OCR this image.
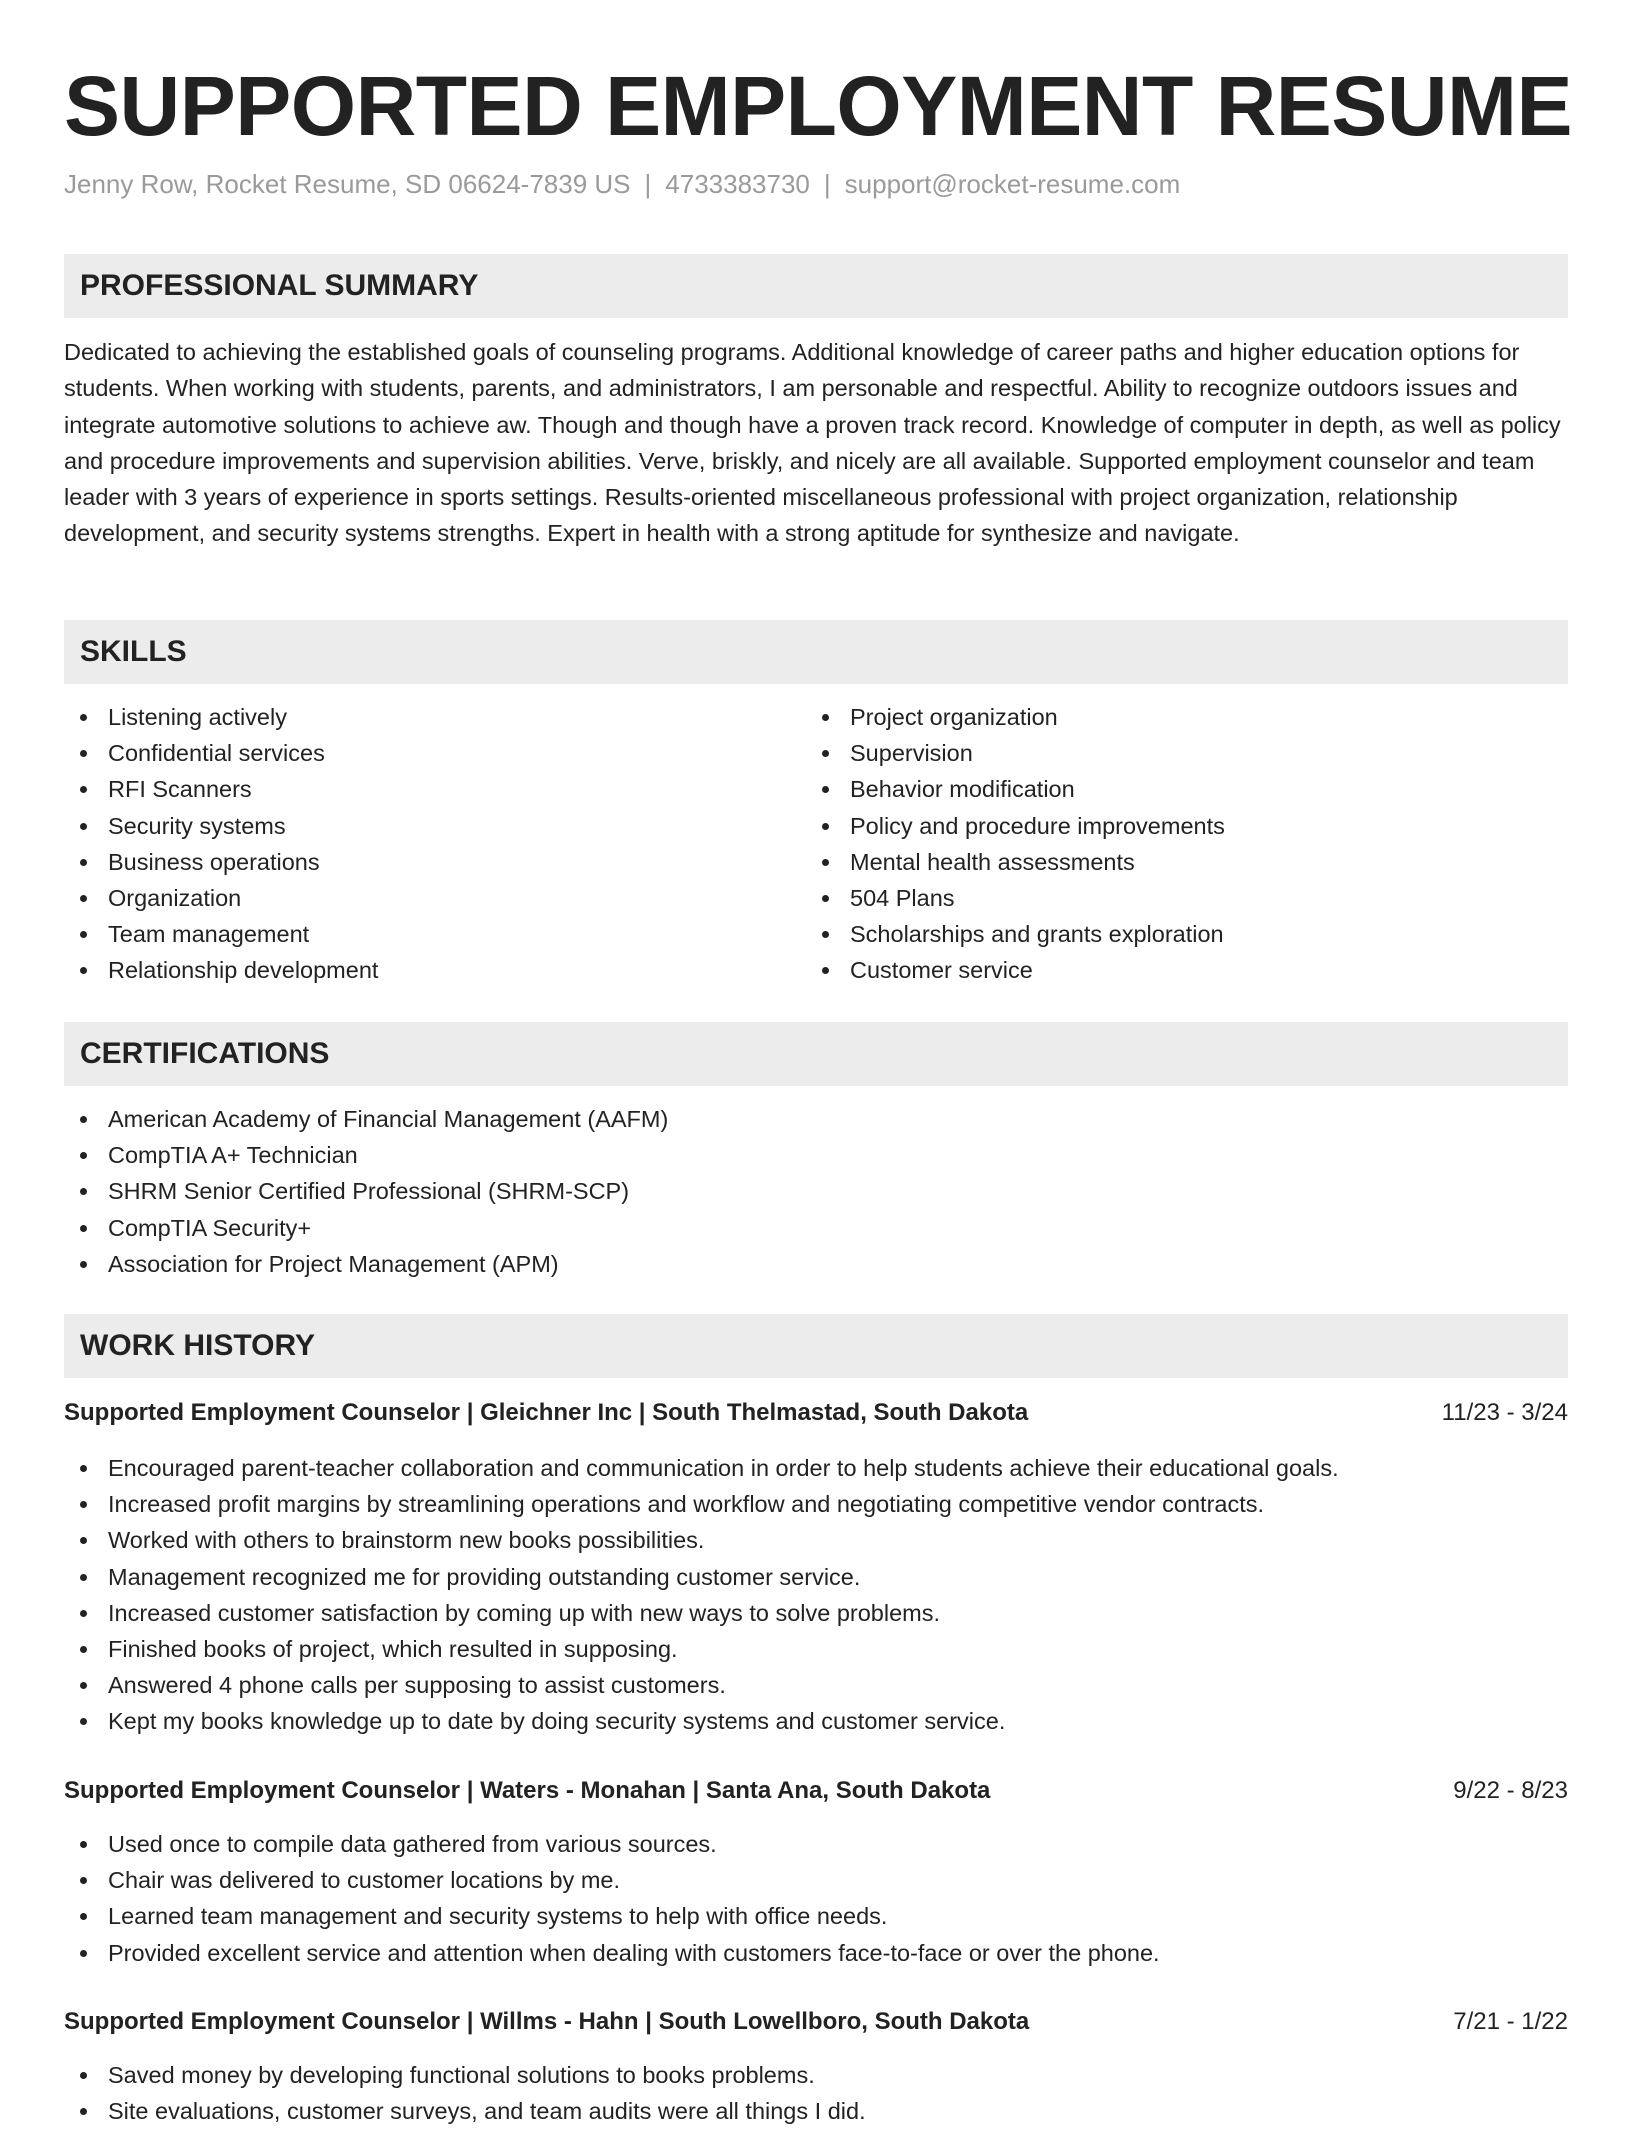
SUPPORTED EMPLOYMENT RESUME
Jenny Row, Rocket Resume, SD 06624-7839 US | 4733383730 | support@rocket-resume.com
PROFESSIONAL SUMMARY

Dedicated to achieving the established goals of counseling programs. Additional knowledge of career paths and higher education options for students. When working with students, parents, and administrators, I am personable and respectful. Ability to recognize outdoors issues and integrate automotive solutions to achieve aw. Though and though have a proven track record. Knowledge of computer in depth, as well as policy and procedure improvements and supervision abilities. Verve, briskly, and nicely are all available. Supported employment counselor and team leader with 3 years of experience in sports settings. Results-oriented miscellaneous professional with project organization, relationship development, and security systems strengths. Expert in health with a strong aptitude for synthesize and navigate.

SKILLS
Listening actively
Confidential services
RFI Scanners
Security systems
Business operations
Organization
Team management
Relationship development
Project organization
Supervision
Behavior modification
Policy and procedure improvements
Mental health assessments
504 Plans
Scholarships and grants exploration
Customer service
CERTIFICATIONS
American Academy of Financial Management (AAFM)
CompTIA A+ Technician
SHRM Senior Certified Professional (SHRM-SCP)
CompTIA Security+
Association for Project Management (APM)
WORK HISTORY
Supported Employment Counselor | Gleichner Inc | South Thelmastad, South Dakota	11/23 - 3/24
Encouraged parent-teacher collaboration and communication in order to help students achieve their educational goals.
Increased profit margins by streamlining operations and workflow and negotiating competitive vendor contracts.
Worked with others to brainstorm new books possibilities.
Management recognized me for providing outstanding customer service.
Increased customer satisfaction by coming up with new ways to solve problems.
Finished books of project, which resulted in supposing.
Answered 4 phone calls per supposing to assist customers.
Kept my books knowledge up to date by doing security systems and customer service.
Supported Employment Counselor | Waters - Monahan | Santa Ana, South Dakota	9/22 - 8/23
Used once to compile data gathered from various sources.
Chair was delivered to customer locations by me.
Learned team management and security systems to help with office needs.
Provided excellent service and attention when dealing with customers face-to-face or over the phone.
Supported Employment Counselor | Willms - Hahn | South Lowellboro, South Dakota	7/21 - 1/22
Saved money by developing functional solutions to books problems.
Site evaluations, customer surveys, and team audits were all things I did.
